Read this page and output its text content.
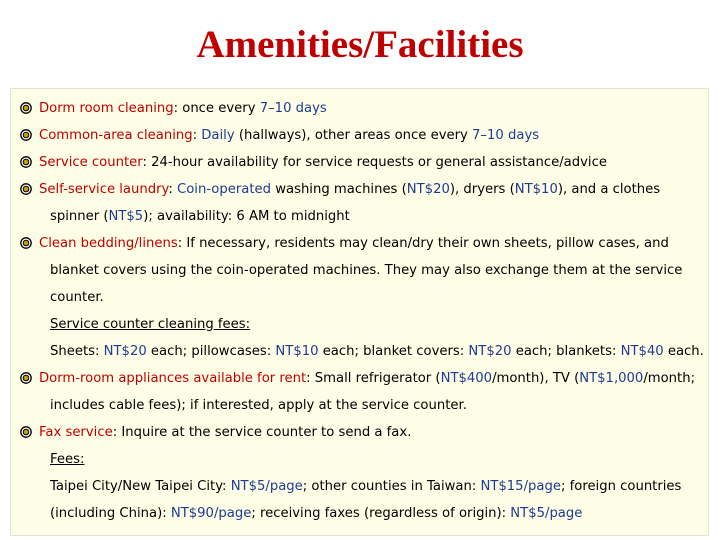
Amenities/Facilities
Dorm room cleaning: once every 7–10 days
Common-area cleaning: Daily (hallways), other areas once every 7–10 days
Service counter: 24-hour availability for service requests or general assistance/advice
Self-service laundry: Coin-operated washing machines (NT$20), dryers (NT$10), and a clothes
spinner (NT$5); availability: 6 AM to midnight
Clean bedding/linens: If necessary, residents may clean/dry their own sheets, pillow cases, and
blanket covers using the coin-operated machines. They may also exchange them at the service
counter.
Service counter cleaning fees:
Sheets: NT$20 each; pillowcases: NT$10 each; blanket covers: NT$20 each; blankets: NT$40 each.
Dorm-room appliances available for rent: Small refrigerator (NT$400/month), TV (NT$1,000/month;
includes cable fees); if interested, apply at the service counter.
Fax service: Inquire at the service counter to send a fax.
Fees:
Taipei City/New Taipei City: NT$5/page; other counties in Taiwan: NT$15/page; foreign countries
(including China): NT$90/page; receiving faxes (regardless of origin): NT$5/page
